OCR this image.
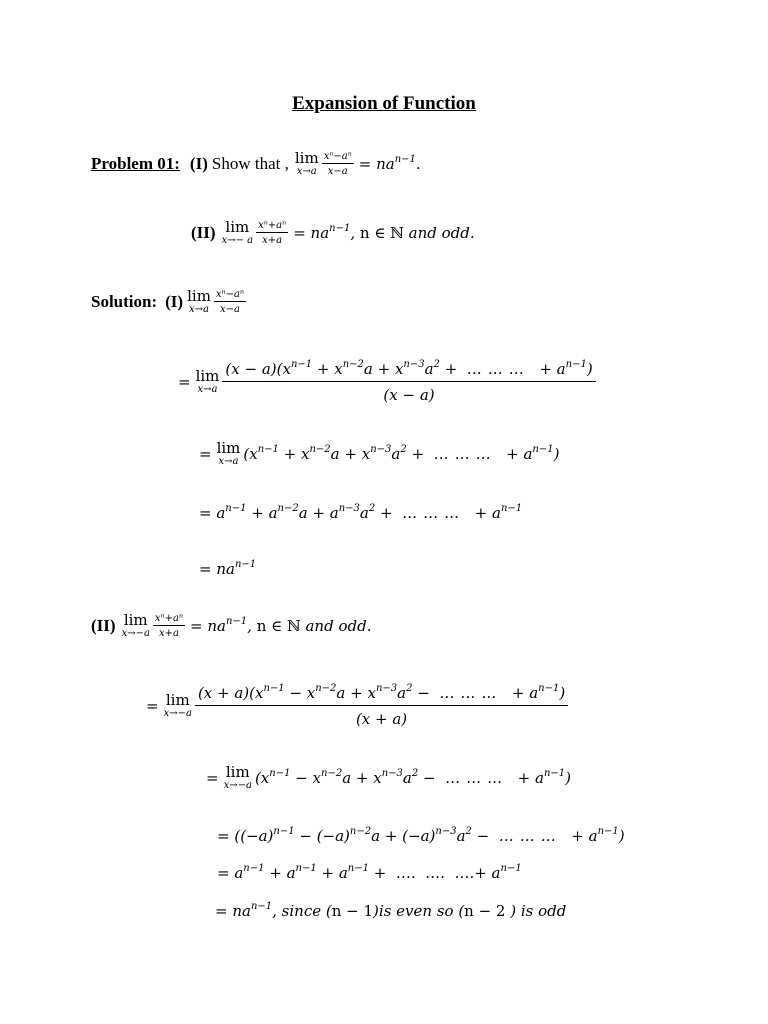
Expansion of Function
Problem 01: (I) Show that , lim
$x\to a \frac{\text{xⁿ−aⁿ}}{x-a} = na^{n-1}$.
(II) lim
x→− a $\frac{\text{xⁿ+aⁿ}}{x+a} = na^{n-1}$, n ∈ ℕ and odd.
Solution: (I) lim
$x\to a \frac{\text{xⁿ−aⁿ}}{x-a}$
= lim
$x\to a \frac{(x - a)(x^{n-1} + x^{n-2}a + x^{n-3}a^2 + \dots\dots\dots + a^{n-1})}{(x - a)}$
= lim
x→a ($x^{n-1} + x^{n-2}a + x^{n-3}a^2$ +  ………  + $a^{n-1}$)
= $a^{n-1} + a^{n-2}a + a^{n-3}a^2$ +  ………  + $a^{n-1}$
= $na^{n-1}$
(II) lim
$x\to-a \frac{\text{xⁿ+aⁿ}}{x+a} = na^{n-1}$, n ∈ ℕ and odd.
= lim
$x\to-a \frac{(x + a)(x^{n-1} - x^{n-2}a + x^{n-3}a^2 - \dots\dots\dots + a^{n-1})}{(x + a)}$
= lim
x→−a ($x^{n-1} - x^{n-2}a + x^{n-3}a^2$ −  ………  + $a^{n-1}$)
= ($(-a)^{n-1} - (-a)^{n-2}a + (-a)^{n-3}a^2$ −  ………  + $a^{n-1}$)
= $a^{n-1} + a^{n-1} + a^{n-1}$ +  ….  ….  ….+ $a^{n-1}$
= $na^{n-1}$, since (n − 1)is even so (n − 2 ) is odd
